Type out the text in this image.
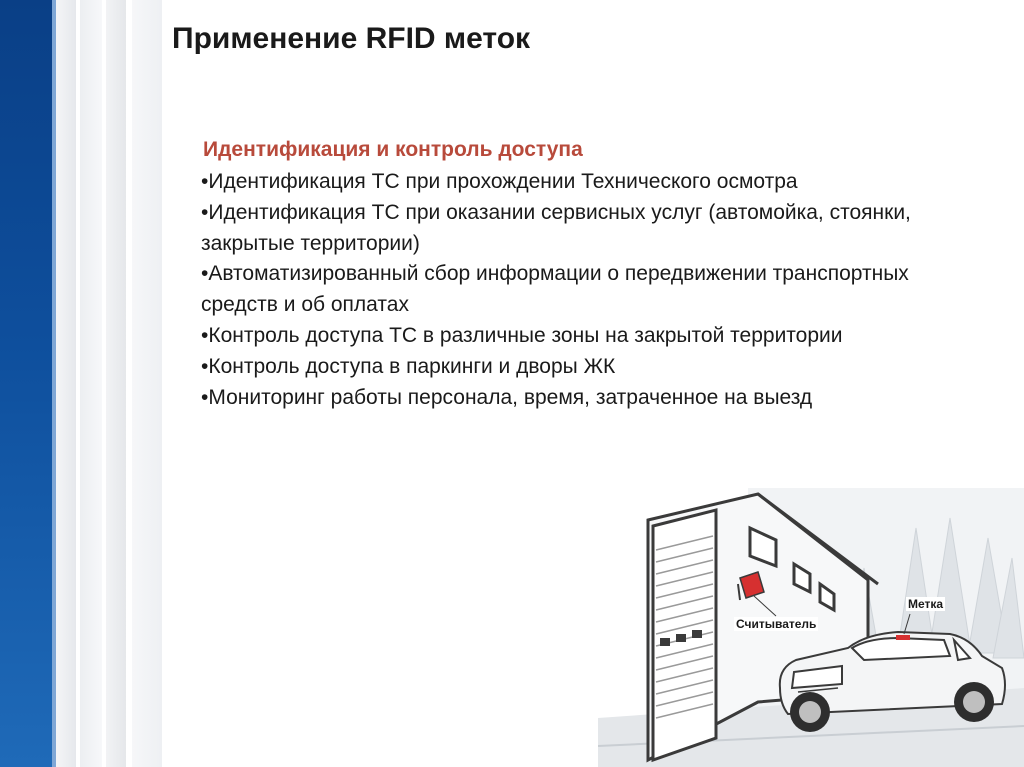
Применение RFID меток
Идентификация и контроль доступа
•Идентификация ТС при прохождении Технического осмотра
•Идентификация ТС при оказании сервисных услуг (автомойка, стоянки, закрытые территории)
•Автоматизированный сбор информации о передвижении транспортных средств и об оплатах
•Контроль доступа ТС в различные зоны на закрытой территории
•Контроль доступа в паркинги и дворы ЖК
•Мониторинг работы персонала, время, затраченное на выезд
Считыватель
Метка
